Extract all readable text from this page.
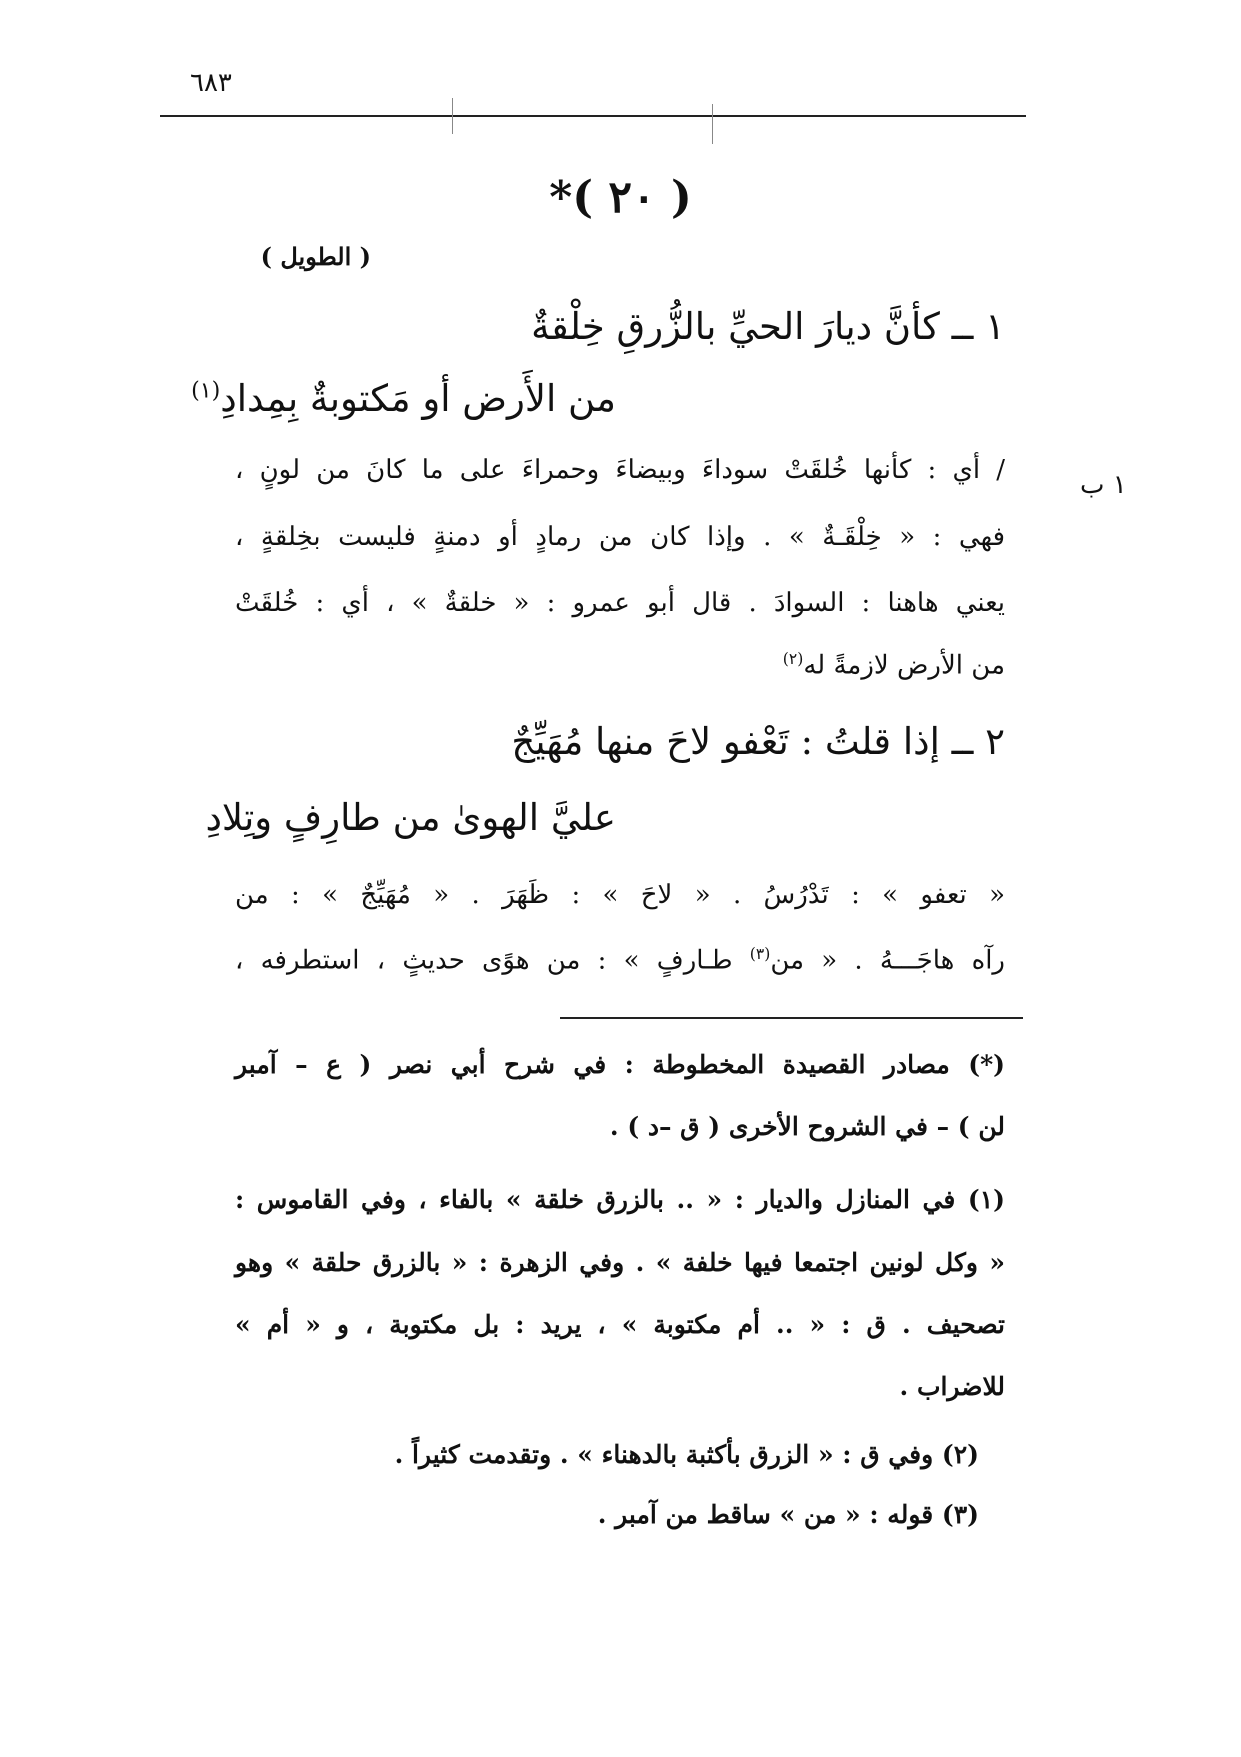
٦٨٣
*( ٢٠ )
( الطويل )
١ ــ كأنَّ ديارَ الحيِّ بالزُّرقِ خِلْقةٌ
من الأَرض أو مَكتوبةٌ بِمِدادِ$^{(١)}$
١ ب
/ أي : كأنها خُلقَتْ سوداءَ وبيضاءَ وحمراءَ على ما كانَ من لونٍ ،
فهي : « خِلْقَـةٌ » . وإذا كان من رمادٍ أو دمنةٍ فليست بخِلقةٍ ،
يعني هاهنا : السوادَ . قال أبو عمرو : « خلقةٌ » ، أي : خُلقَتْ
من الأرض لازمةً له$^{(٢)}$
٢ ــ إذا قلتُ : تَعْفو لاحَ منها مُهَيِّجٌ
عليَّ الهوىٰ من طارِفٍ وتِلادِ
« تعفو » : تَدْرُسُ . « لاحَ » : ظَهَرَ . « مُهَيِّجٌ » : من
رآه هاجَـــهُ . « من$^{(٣)}$ طـارفٍ » : من هوًى حديثٍ ، استطرفه ،
(*) مصادر القصيدة المخطوطة : في شرح أبي نصر ( ع – آمبر
لن ) – في الشروح الأخرى ( ق –د ) .
(١) في المنازل والديار : « .. بالزرق خلقة » بالفاء ، وفي القاموس :
« وكل لونين اجتمعا فيها خلفة » . وفي الزهرة : « بالزرق حلقة » وهو
تصحيف . ق : « .. أم مكتوبة » ، يريد : بل مكتوبة ، و « أم »
للاضراب .
(٢) وفي ق : « الزرق بأكثبة بالدهناء » . وتقدمت كثيراً .
(٣) قوله : « من » ساقط من آمبر .
